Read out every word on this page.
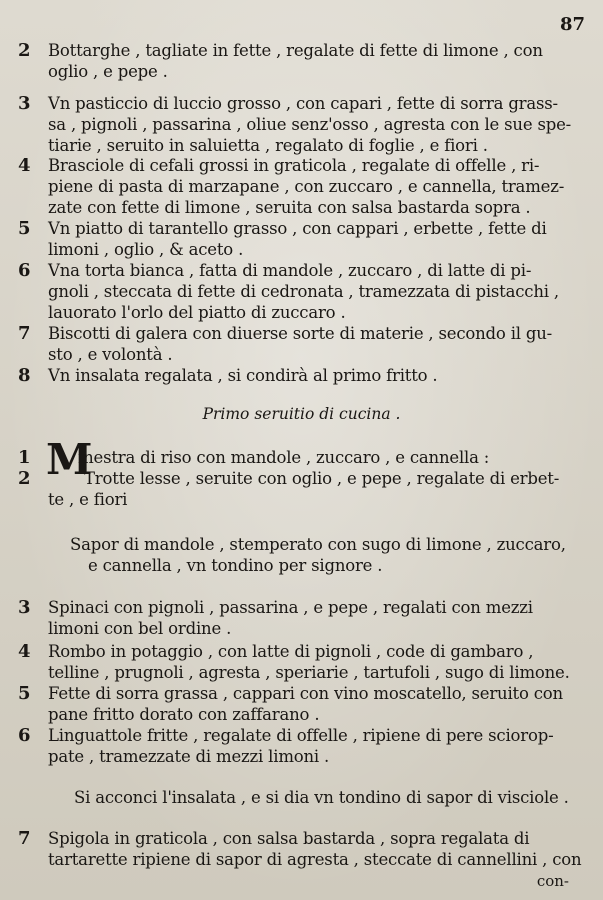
87
2 Bottarghe , tagliate in fette , regalate di fette di limone , con
oglio , e pepe .
3 Vn pasticcio di luccio grosso , con capari , fette di sorra grass-
sa , pignoli , passarina , oliue senz'osso , agresta con le sue spe-
tiarie , seruito in saluietta , regalato di foglie , e fiori .
4 Brasciole di cefali grossi in graticola , regalate di offelle , ri-
piene di pasta di marzapane , con zuccaro , e cannella, tramez-
zate con fette di limone , seruita con salsa bastarda sopra .
5 Vn piatto di tarantello grasso , con cappari , erbette , fette di
limoni , oglio , & aceto .
6 Vna torta bianca , fatta di mandole , zuccaro , di latte di pi-
gnoli , steccata di fette di cedronata , tramezzata di pistacchi ,
lauorato l'orlo del piatto di zuccaro .
7 Biscotti di galera con diuerse sorte di materie , secondo il gu-
sto , e volontà .
8 Vn insalata regalata , si condirà al primo fritto .
Primo seruitio di cucina .
M
1	inestra di riso con mandole , zuccaro , e cannella :
2	Trotte lesse , seruite con oglio , e pepe , regalate di erbet-
te , e fiori
Sapor di mandole , stemperato con sugo di limone , zuccaro,
e cannella , vn tondino per signore .
3 Spinaci con pignoli , passarina , e pepe , regalati con mezzi
limoni con bel ordine .
4 Rombo in potaggio , con latte di pignoli , code di gambaro ,
telline , prugnoli , agresta , speriarie , tartufoli , sugo di limone.
5 Fette di sorra grassa , cappari con vino moscatello, seruito con
pane fritto dorato con zaffarano .
6 Linguattole fritte , regalate di offelle , ripiene di pere sciorop-
pate , tramezzate di mezzi limoni .
Si acconci l'insalata , e si dia vn tondino di sapor di visciole .
7 Spigola in graticola , con salsa bastarda , sopra regalata di
tartarette ripiene di sapor di agresta , steccate di cannellini , con
con-
